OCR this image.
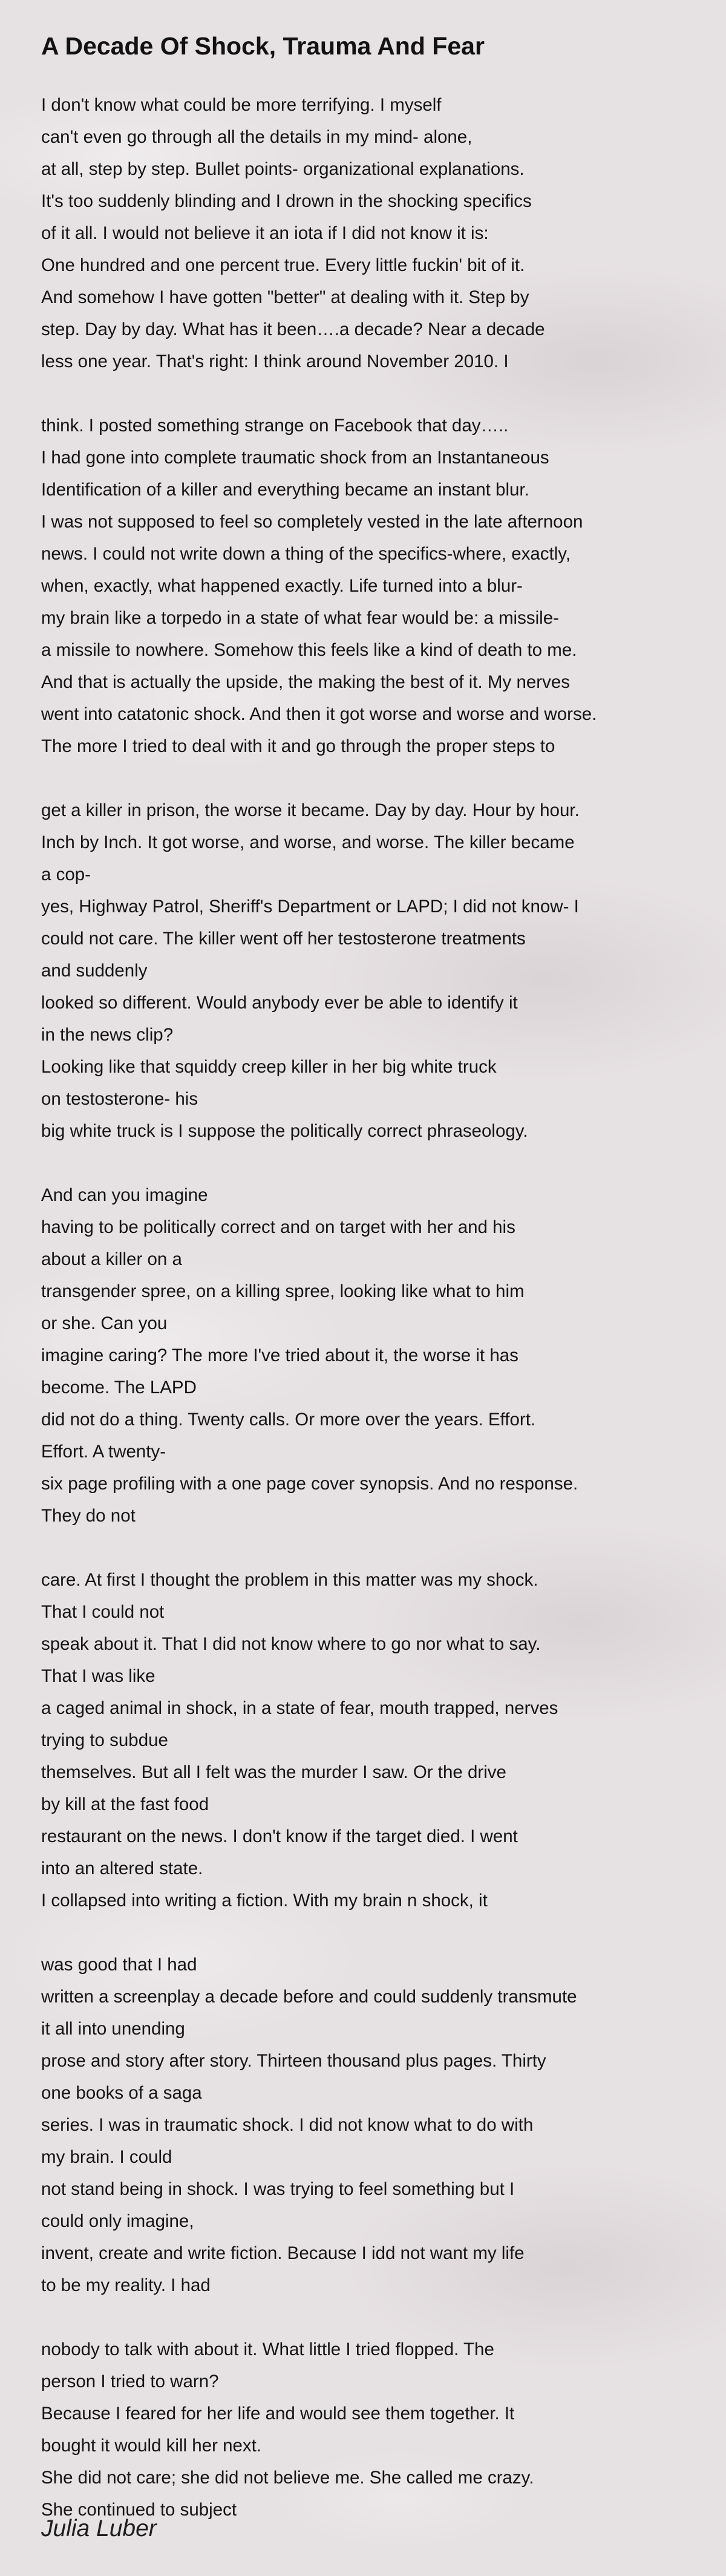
A Decade Of Shock, Trauma And Fear

I don't know what could be more terrifying. I myself
can't even go through all the details in my mind- alone,
at all, step by step. Bullet points- organizational explanations.
It's too suddenly blinding and I drown in the shocking specifics
of it all. I would not believe it an iota if I did not know it is:
One hundred and one percent true. Every little fuckin' bit of it.
And somehow I have gotten "better" at dealing with it. Step by
step. Day by day. What has it been….a decade? Near a decade
less one year. That's right: I think around November 2010. I

think. I posted something strange on Facebook that day…..
I had gone into complete traumatic shock from an Instantaneous
Identification of a killer and everything became an instant blur.
I was not supposed to feel so completely vested in the late afternoon
news. I could not write down a thing of the specifics-where, exactly,
when, exactly, what happened exactly. Life turned into a blur-
my brain like a torpedo in a state of what fear would be: a missile-
a missile to nowhere. Somehow this feels like a kind of death to me.
And that is actually the upside, the making the best of it. My nerves
went into catatonic shock. And then it got worse and worse and worse.
The more I tried to deal with it and go through the proper steps to

get a killer in prison, the worse it became. Day by day. Hour by hour.
Inch by Inch. It got worse, and worse, and worse. The killer became
a cop-
yes, Highway Patrol, Sheriff's Department or LAPD; I did not know- I
could not care. The killer went off her testosterone treatments
and suddenly
looked so different. Would anybody ever be able to identify it
in the news clip?
Looking like that squiddy creep killer in her big white truck
on testosterone- his
big white truck is I suppose the politically correct phraseology.

And can you imagine
having to be politically correct and on target with her and his
about a killer on a
transgender spree, on a killing spree, looking like what to him
or she. Can you
imagine caring? The more I've tried about it, the worse it has
become. The LAPD
did not do a thing. Twenty calls. Or more over the years. Effort.
Effort. A twenty-
six page profiling with a one page cover synopsis. And no response.
They do not

care. At first I thought the problem in this matter was my shock.
That I could not
speak about it. That I did not know where to go nor what to say.
That I was like
a caged animal in shock, in a state of fear, mouth trapped, nerves
trying to subdue
themselves. But all I felt was the murder I saw. Or the drive
by kill at the fast food
restaurant on the news. I don't know if the target died. I went
into an altered state.
I collapsed into writing a fiction. With my brain n shock, it

was good that I had
written a screenplay a decade before and could suddenly transmute
it all into unending
prose and story after story. Thirteen thousand plus pages. Thirty
one books of a saga
series. I was in traumatic shock. I did not know what to do with
my brain. I could
not stand being in shock. I was trying to feel something but I
could only imagine,
invent, create and write fiction. Because I idd not want my life
to be my reality. I had

nobody to talk with about it. What little I tried flopped. The
person I tried to warn?
Because I feared for her life and would see them together. It
bought it would kill her next.
She did not care; she did not believe me. She called me crazy.
She continued to subject

Julia Luber
